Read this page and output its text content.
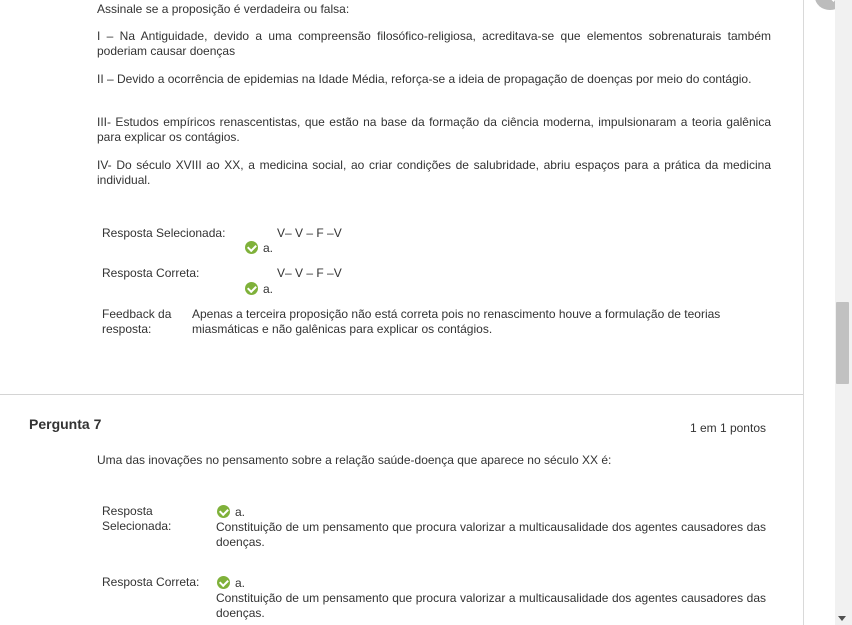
Assinale se a proposição é verdadeira ou falsa:

I – Na Antiguidade, devido a uma compreensão filosófico-religiosa, acreditava-se que elementos sobrenaturais também poderiam causar doenças

II – Devido a ocorrência de epidemias na Idade Média, reforça-se a ideia de propagação de doenças por meio do contágio.

III- Estudos empíricos renascentistas, que estão na base da formação da ciência moderna, impulsionaram a teoria galênica para explicar os contágios.

IV- Do século XVIII ao XX, a medicina social, ao criar condições de salubridade, abriu espaços para a prática da medicina individual.

Resposta Selecionada:	V– V – F –V
a.
Resposta Correta:	V– V – F –V
a.
Feedback da
resposta:
Apenas a terceira proposição não está correta pois no renascimento houve a formulação de teorias miasmáticas e não galênicas para explicar os contágios.
Pergunta 7	1 em 1 pontos

Uma das inovações no pensamento sobre a relação saúde-doença que aparece no século XX é:

Resposta
Selecionada:
a.
Constituição de um pensamento que procura valorizar a multicausalidade dos agentes causadores das doenças.
Resposta Correta:	a.
Constituição de um pensamento que procura valorizar a multicausalidade dos agentes causadores das doenças.
